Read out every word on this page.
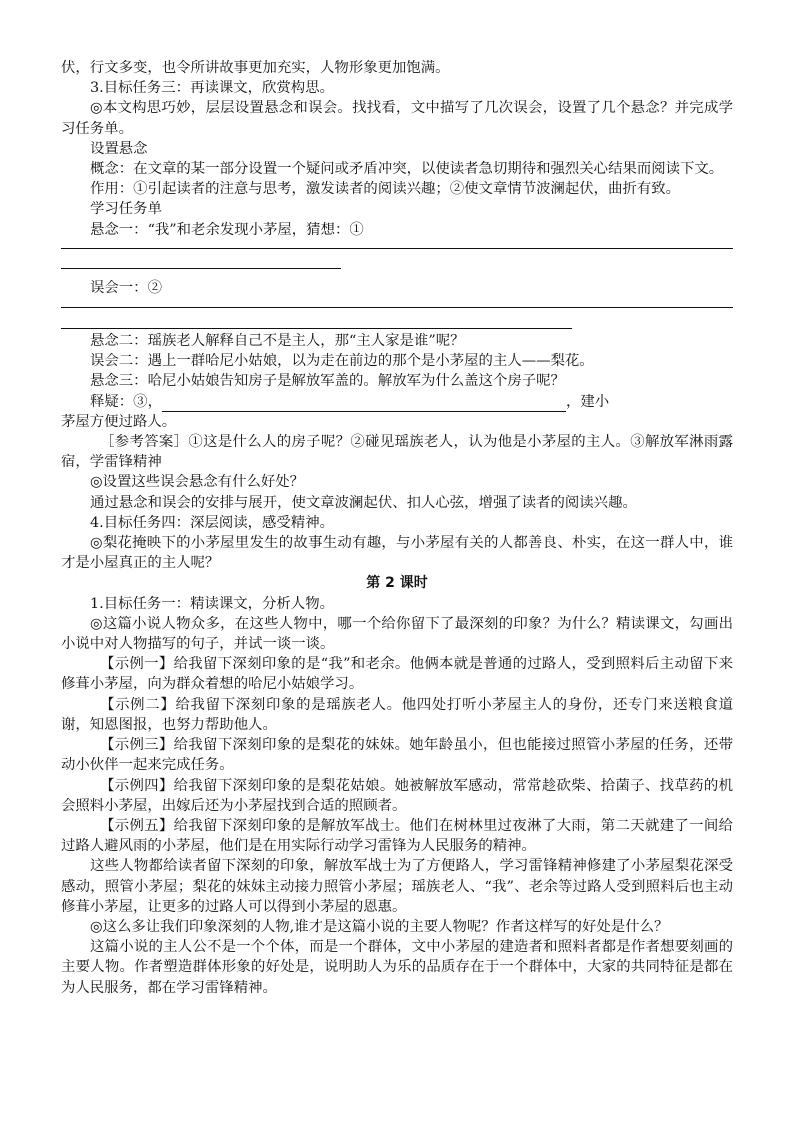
伏，行文多变，也令所讲故事更加充实，人物形象更加饱满。

3.目标任务三：再读课文，欣赏构思。

◎本文构思巧妙，层层设置悬念和误会。找找看，文中描写了几次误会，设置了几个悬念？并完成学习任务单。

设置悬念

概念：在文章的某一部分设置一个疑问或矛盾冲突，以使读者急切期待和强烈关心结果而阅读下文。

作用：①引起读者的注意与思考，激发读者的阅读兴趣；②使文章情节波澜起伏，曲折有致。

学习任务单

悬念一：“我”和老余发现小茅屋，猜想：①

误会一：②

悬念二：瑶族老人解释自己不是主人，那“主人家是谁”呢？

误会二：遇上一群哈尼小姑娘，以为走在前边的那个是小茅屋的主人——梨花。

悬念三：哈尼小姑娘告知房子是解放军盖的。解放军为什么盖这个房子呢？

释疑：③，	，建小

茅屋方便过路人。

［参考答案］①这是什么人的房子呢？②碰见瑶族老人，认为他是小茅屋的主人。③解放军淋雨露宿，学雷锋精神

◎设置这些误会悬念有什么好处？

通过悬念和误会的安排与展开，使文章波澜起伏、扣人心弦，增强了读者的阅读兴趣。

4.目标任务四：深层阅读，感受精神。

◎梨花掩映下的小茅屋里发生的故事生动有趣，与小茅屋有关的人都善良、朴实，在这一群人中，谁才是小屋真正的主人呢？

第 2 课时

1.目标任务一：精读课文，分析人物。

◎这篇小说人物众多，在这些人物中，哪一个给你留下了最深刻的印象？为什么？精读课文，勾画出小说中对人物描写的句子，并试一谈一谈。

【示例一】给我留下深刻印象的是“我”和老余。他俩本就是普通的过路人，受到照料后主动留下来修葺小茅屋，向为群众着想的哈尼小姑娘学习。

【示例二】给我留下深刻印象的是瑶族老人。他四处打听小茅屋主人的身份，还专门来送粮食道谢，知恩图报，也努力帮助他人。

【示例三】给我留下深刻印象的是梨花的妹妹。她年龄虽小，但也能接过照管小茅屋的任务，还带动小伙伴一起来完成任务。

【示例四】给我留下深刻印象的是梨花姑娘。她被解放军感动，常常趁砍柴、拾菌子、找草药的机会照料小茅屋，出嫁后还为小茅屋找到合适的照顾者。

【示例五】给我留下深刻印象的是解放军战士。他们在树林里过夜淋了大雨，第二天就建了一间给过路人避风雨的小茅屋，他们是在用实际行动学习雷锋为人民服务的精神。

这些人物都给读者留下深刻的印象，解放军战士为了方便路人，学习雷锋精神修建了小茅屋梨花深受感动，照管小茅屋；梨花的妹妹主动接力照管小茅屋；瑶族老人、“我”、老余等过路人受到照料后也主动修葺小茅屋，让更多的过路人可以得到小茅屋的恩惠。

◎这么多让我们印象深刻的人物,谁才是这篇小说的主要人物呢？作者这样写的好处是什么？

这篇小说的主人公不是一个个体，而是一个群体，文中小茅屋的建造者和照料者都是作者想要刻画的主要人物。作者塑造群体形象的好处是，说明助人为乐的品质存在于一个群体中，大家的共同特征是都在为人民服务，都在学习雷锋精神。
